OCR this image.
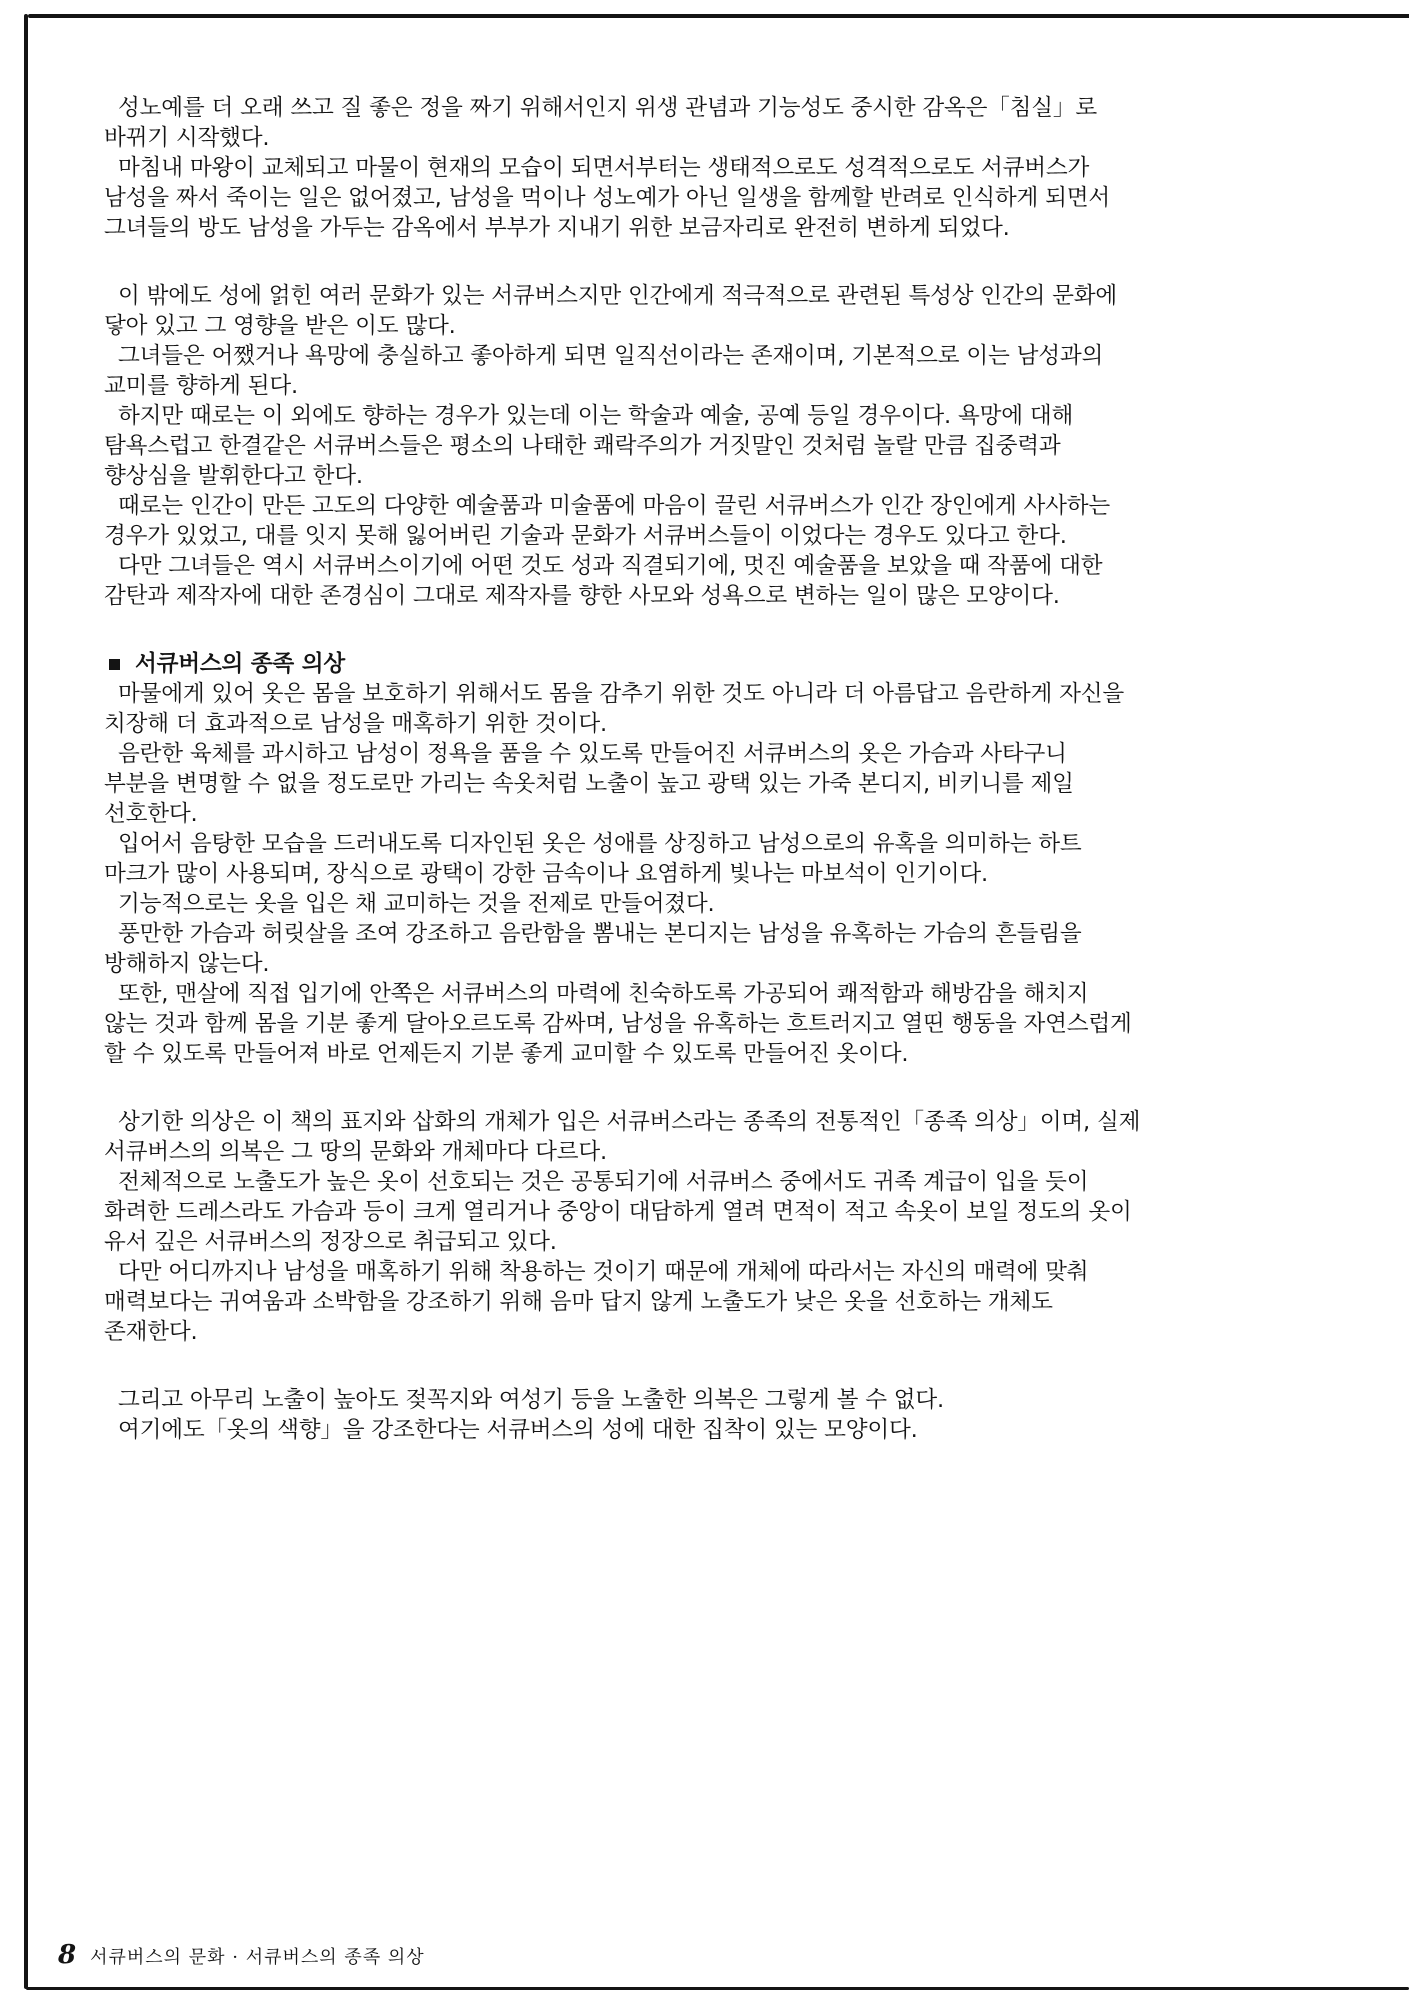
성노예를 더 오래 쓰고 질 좋은 정을 짜기 위해서인지 위생 관념과 기능성도 중시한 감옥은「침실」로

바뀌기 시작했다.

마침내 마왕이 교체되고 마물이 현재의 모습이 되면서부터는 생태적으로도 성격적으로도 서큐버스가

남성을 짜서 죽이는 일은 없어졌고, 남성을 먹이나 성노예가 아닌 일생을 함께할 반려로 인식하게 되면서

그녀들의 방도 남성을 가두는 감옥에서 부부가 지내기 위한 보금자리로 완전히 변하게 되었다.

이 밖에도 성에 얽힌 여러 문화가 있는 서큐버스지만 인간에게 적극적으로 관련된 특성상 인간의 문화에

닿아 있고 그 영향을 받은 이도 많다.

그녀들은 어쨌거나 욕망에 충실하고 좋아하게 되면 일직선이라는 존재이며, 기본적으로 이는 남성과의

교미를 향하게 된다.

하지만 때로는 이 외에도 향하는 경우가 있는데 이는 학술과 예술, 공예 등일 경우이다. 욕망에 대해

탐욕스럽고 한결같은 서큐버스들은 평소의 나태한 쾌락주의가 거짓말인 것처럼 놀랄 만큼 집중력과

향상심을 발휘한다고 한다.

때로는 인간이 만든 고도의 다양한 예술품과 미술품에 마음이 끌린 서큐버스가 인간 장인에게 사사하는

경우가 있었고, 대를 잇지 못해 잃어버린 기술과 문화가 서큐버스들이 이었다는 경우도 있다고 한다.

다만 그녀들은 역시 서큐버스이기에 어떤 것도 성과 직결되기에, 멋진 예술품을 보았을 때 작품에 대한

감탄과 제작자에 대한 존경심이 그대로 제작자를 향한 사모와 성욕으로 변하는 일이 많은 모양이다.

서큐버스의 종족 의상

마물에게 있어 옷은 몸을 보호하기 위해서도 몸을 감추기 위한 것도 아니라 더 아름답고 음란하게 자신을

치장해 더 효과적으로 남성을 매혹하기 위한 것이다.

음란한 육체를 과시하고 남성이 정욕을 품을 수 있도록 만들어진 서큐버스의 옷은 가슴과 사타구니

부분을 변명할 수 없을 정도로만 가리는 속옷처럼 노출이 높고 광택 있는 가죽 본디지, 비키니를 제일

선호한다.

입어서 음탕한 모습을 드러내도록 디자인된 옷은 성애를 상징하고 남성으로의 유혹을 의미하는 하트

마크가 많이 사용되며, 장식으로 광택이 강한 금속이나 요염하게 빛나는 마보석이 인기이다.

기능적으로는 옷을 입은 채 교미하는 것을 전제로 만들어졌다.

풍만한 가슴과 허릿살을 조여 강조하고 음란함을 뽐내는 본디지는 남성을 유혹하는 가슴의 흔들림을

방해하지 않는다.

또한, 맨살에 직접 입기에 안쪽은 서큐버스의 마력에 친숙하도록 가공되어 쾌적함과 해방감을 해치지

않는 것과 함께 몸을 기분 좋게 달아오르도록 감싸며, 남성을 유혹하는 흐트러지고 열띤 행동을 자연스럽게

할 수 있도록 만들어져 바로 언제든지 기분 좋게 교미할 수 있도록 만들어진 옷이다.

상기한 의상은 이 책의 표지와 삽화의 개체가 입은 서큐버스라는 종족의 전통적인「종족 의상」이며, 실제

서큐버스의 의복은 그 땅의 문화와 개체마다 다르다.

전체적으로 노출도가 높은 옷이 선호되는 것은 공통되기에 서큐버스 중에서도 귀족 계급이 입을 듯이

화려한 드레스라도 가슴과 등이 크게 열리거나 중앙이 대담하게 열려 면적이 적고 속옷이 보일 정도의 옷이

유서 깊은 서큐버스의 정장으로 취급되고 있다.

다만 어디까지나 남성을 매혹하기 위해 착용하는 것이기 때문에 개체에 따라서는 자신의 매력에 맞춰

매력보다는 귀여움과 소박함을 강조하기 위해 음마 답지 않게 노출도가 낮은 옷을 선호하는 개체도

존재한다.

그리고 아무리 노출이 높아도 젖꼭지와 여성기 등을 노출한 의복은 그렇게 볼 수 없다.

여기에도「옷의 색향」을 강조한다는 서큐버스의 성에 대한 집착이 있는 모양이다.

8 서큐버스의 문화 · 서큐버스의 종족 의상
